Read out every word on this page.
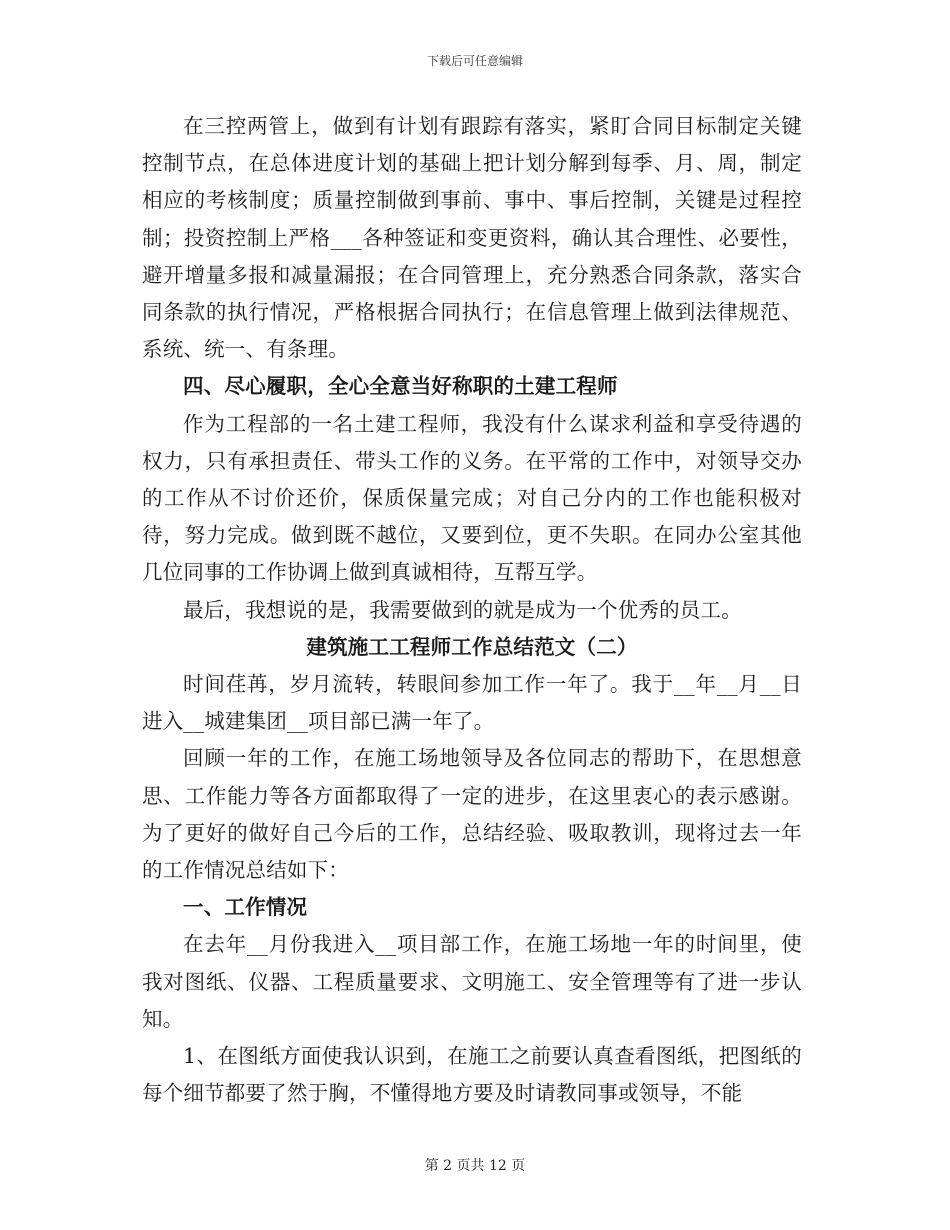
下载后可任意编辑

在三控两管上，做到有计划有跟踪有落实，紧盯合同目标制定关键控制节点，在总体进度计划的基础上把计划分解到每季、月、周，制定相应的考核制度；质量控制做到事前、事中、事后控制，关键是过程控制；投资控制上严格___各种签证和变更资料，确认其合理性、必要性，避开增量多报和减量漏报；在合同管理上，充分熟悉合同条款，落实合同条款的执行情况，严格根据合同执行；在信息管理上做到法律规范、系统、统一、有条理。

四、尽心履职，全心全意当好称职的土建工程师

作为工程部的一名土建工程师，我没有什么谋求利益和享受待遇的权力，只有承担责任、带头工作的义务。在平常的工作中，对领导交办的工作从不讨价还价，保质保量完成；对自己分内的工作也能积极对待，努力完成。做到既不越位，又要到位，更不失职。在同办公室其他几位同事的工作协调上做到真诚相待，互帮互学。

最后，我想说的是，我需要做到的就是成为一个优秀的员工。

建筑施工工程师工作总结范文（二）

时间荏苒，岁月流转，转眼间参加工作一年了。我于__年__月__日进入__城建集团__项目部已满一年了。

回顾一年的工作，在施工场地领导及各位同志的帮助下，在思想意思、工作能力等各方面都取得了一定的进步，在这里衷心的表示感谢。为了更好的做好自己今后的工作，总结经验、吸取教训，现将过去一年的工作情况总结如下：

一、工作情况

在去年__月份我进入__项目部工作，在施工场地一年的时间里，使我对图纸、仪器、工程质量要求、文明施工、安全管理等有了进一步认知。

1、在图纸方面使我认识到，在施工之前要认真查看图纸，把图纸的每个细节都要了然于胸，不懂得地方要及时请教同事或领导，不能

第 2 页共 12 页
